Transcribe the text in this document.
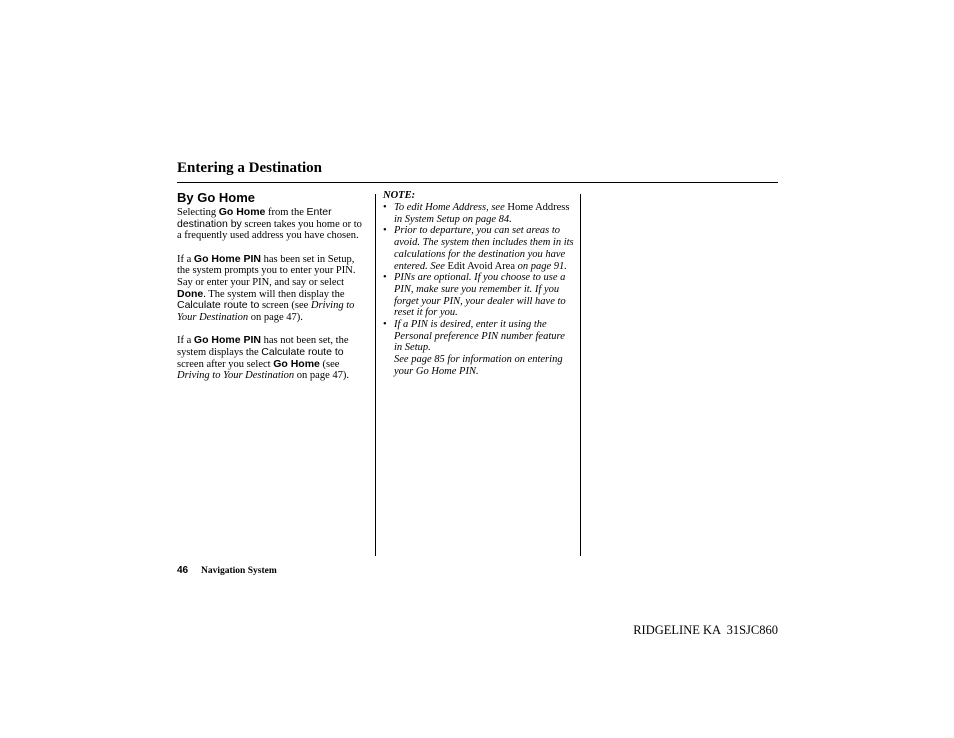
Entering a Destination
By Go Home

Selecting Go Home from the Enter destination by screen takes you home or to a frequently used address you have chosen.

If a Go Home PIN has been set in Setup, the system prompts you to enter your PIN. Say or enter your PIN, and say or select Done. The system will then display the Calculate route to screen (see Driving to Your Destination on page 47).

If a Go Home PIN has not been set, the system displays the Calculate route to screen after you select Go Home (see Driving to Your Destination on page 47).

NOTE:
• To edit Home Address, see Home Address in System Setup on page 84.
• Prior to departure, you can set areas to avoid. The system then includes them in its calculations for the destination you have entered. See Edit Avoid Area on page 91.
• PINs are optional. If you choose to use a PIN, make sure you remember it. If you forget your PIN, your dealer will have to reset it for you.
• If a PIN is desired, enter it using the Personal preference PIN number feature in Setup.
See page 85 for information on entering your Go Home PIN.
46 Navigation System
RIDGELINE KA  31SJC860
